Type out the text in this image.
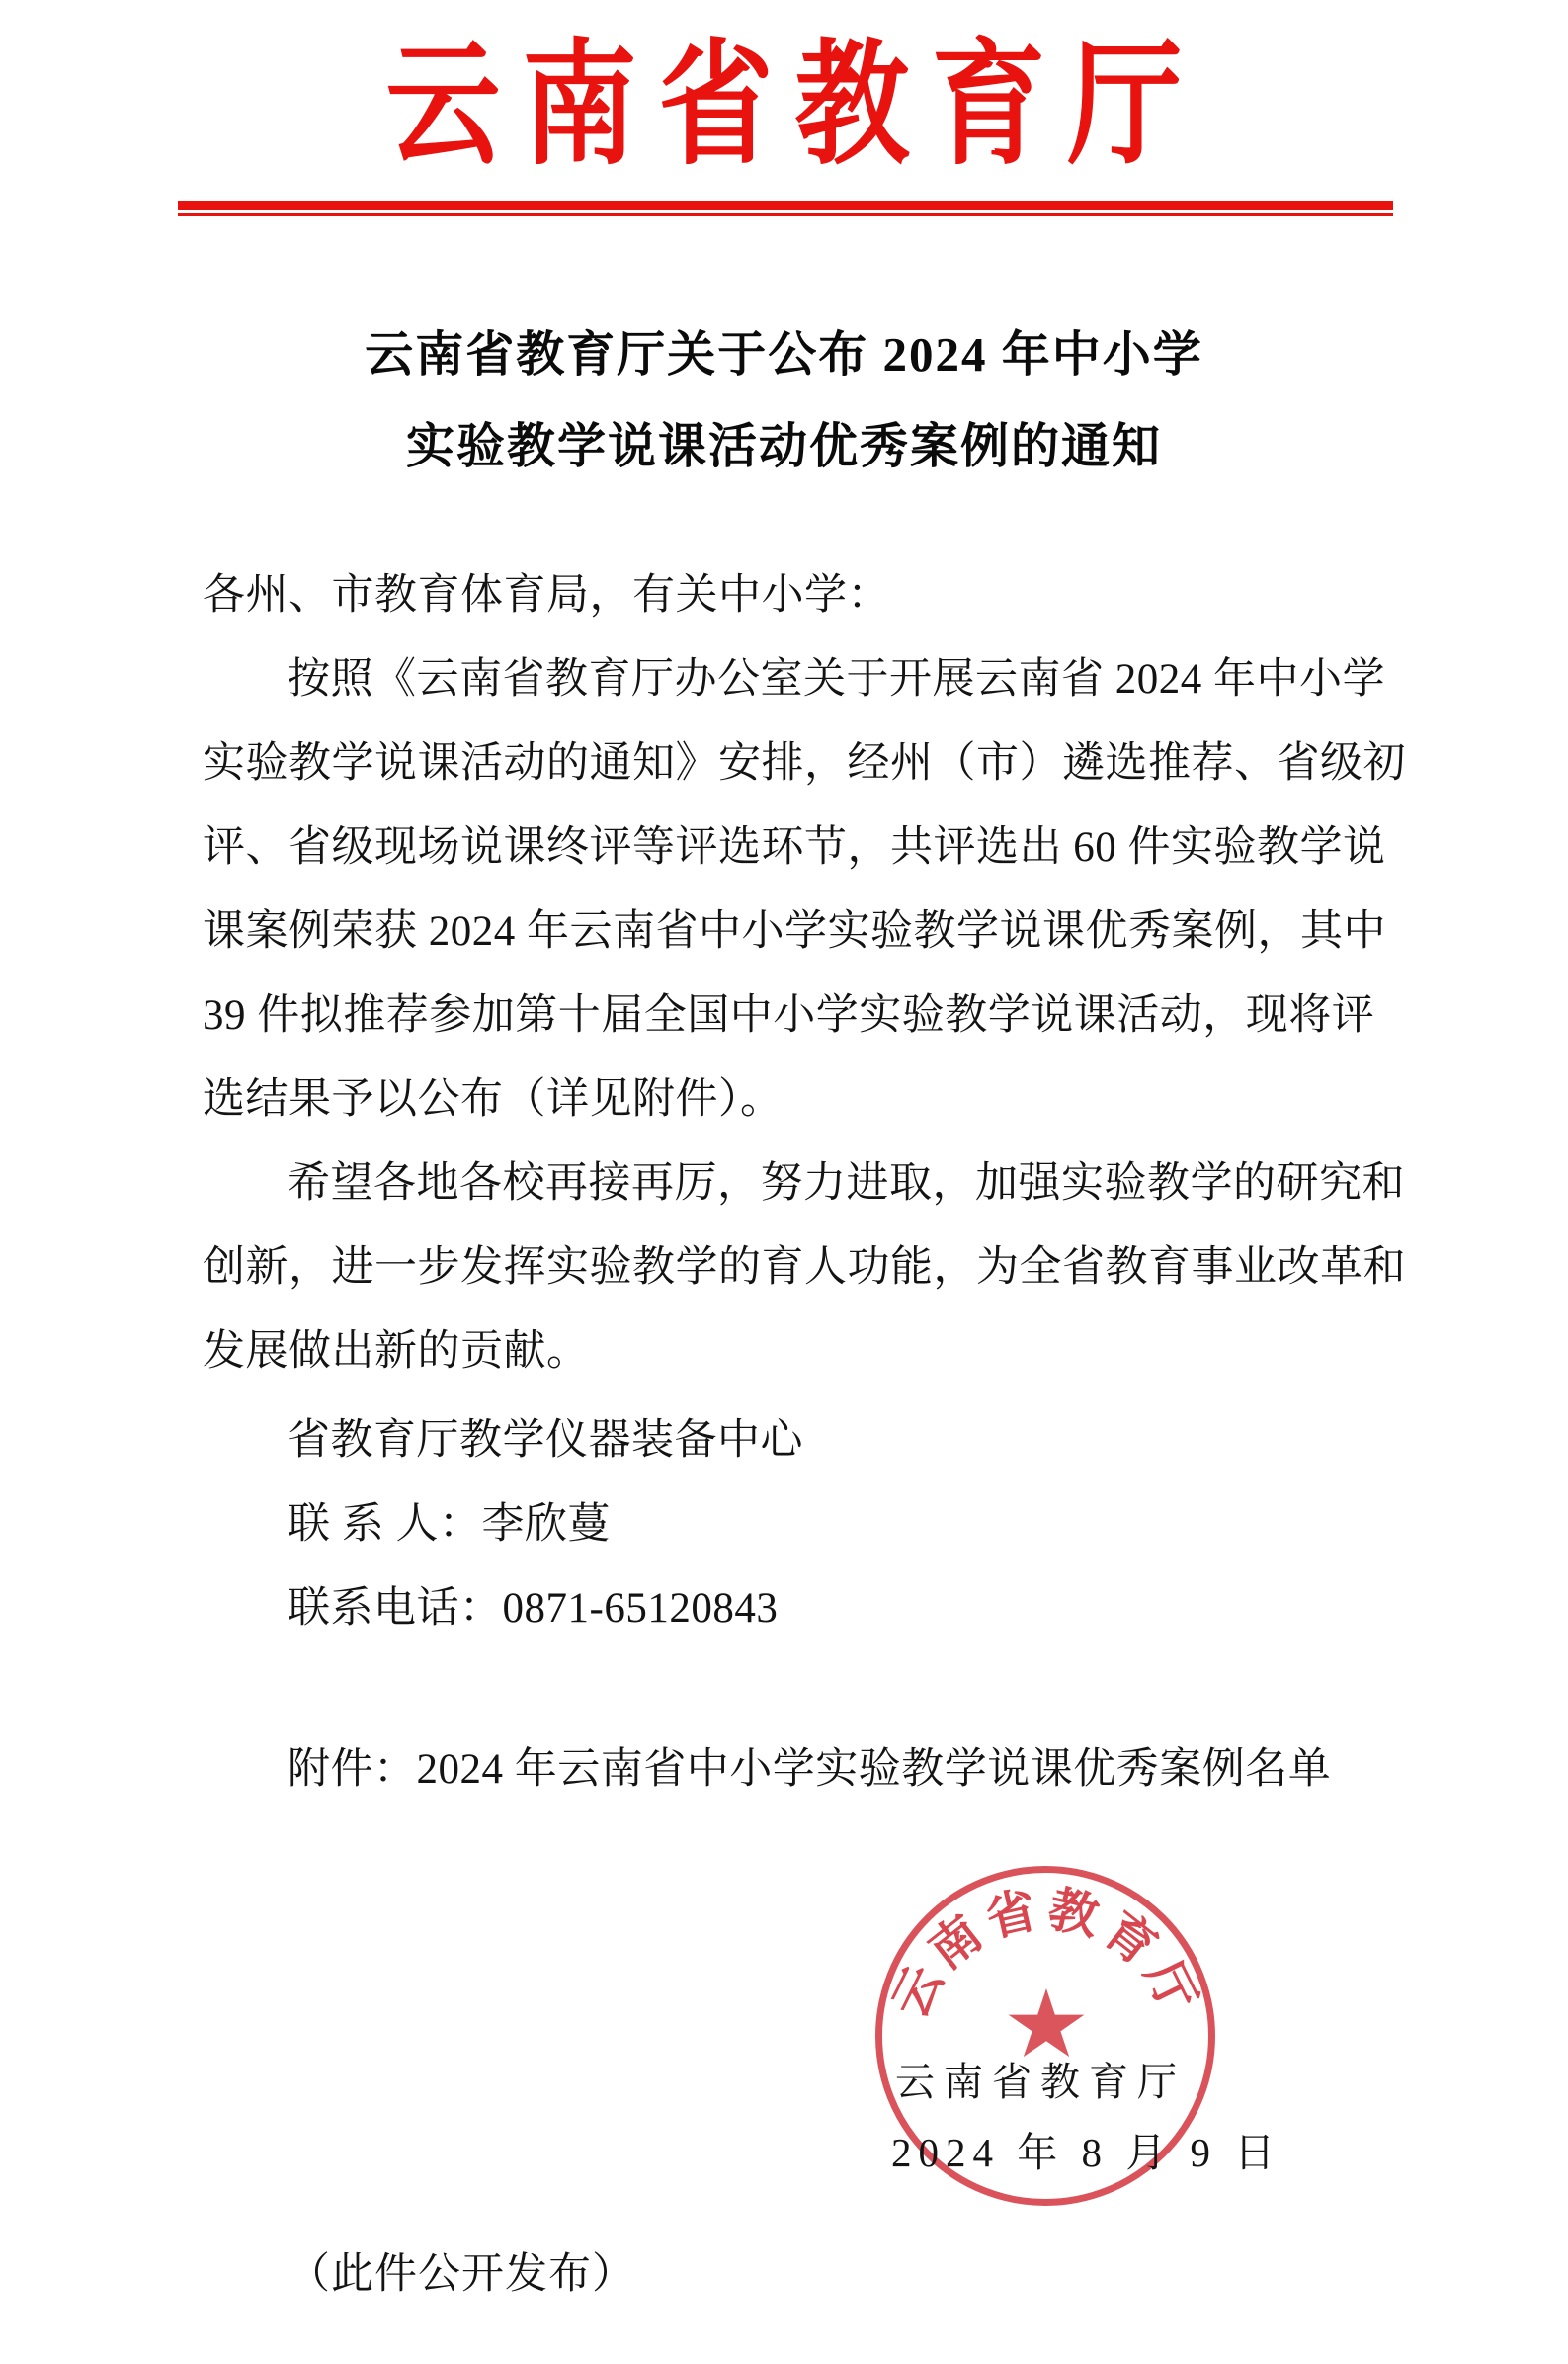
云南省教育厅
云南省教育厅关于公布 2024 年中小学
实验教学说课活动优秀案例的通知
各州、市教育体育局，有关中小学：
按照《云南省教育厅办公室关于开展云南省 2024 年中小学
实验教学说课活动的通知》安排，经州（市）遴选推荐、省级初
评、省级现场说课终评等评选环节，共评选出 60 件实验教学说
课案例荣获 2024 年云南省中小学实验教学说课优秀案例，其中
39 件拟推荐参加第十届全国中小学实验教学说课活动，现将评
选结果予以公布（详见附件）。
希望各地各校再接再厉，努力进取，加强实验教学的研究和
创新，进一步发挥实验教学的育人功能，为全省教育事业改革和
发展做出新的贡献。
省教育厅教学仪器装备中心
联 系 人：李欣蔓
联系电话：0871-65120843
附件：2024 年云南省中小学实验教学说课优秀案例名单
云南省教育厅
云南省教育厅
2024 年 8 月 9 日
（此件公开发布）
